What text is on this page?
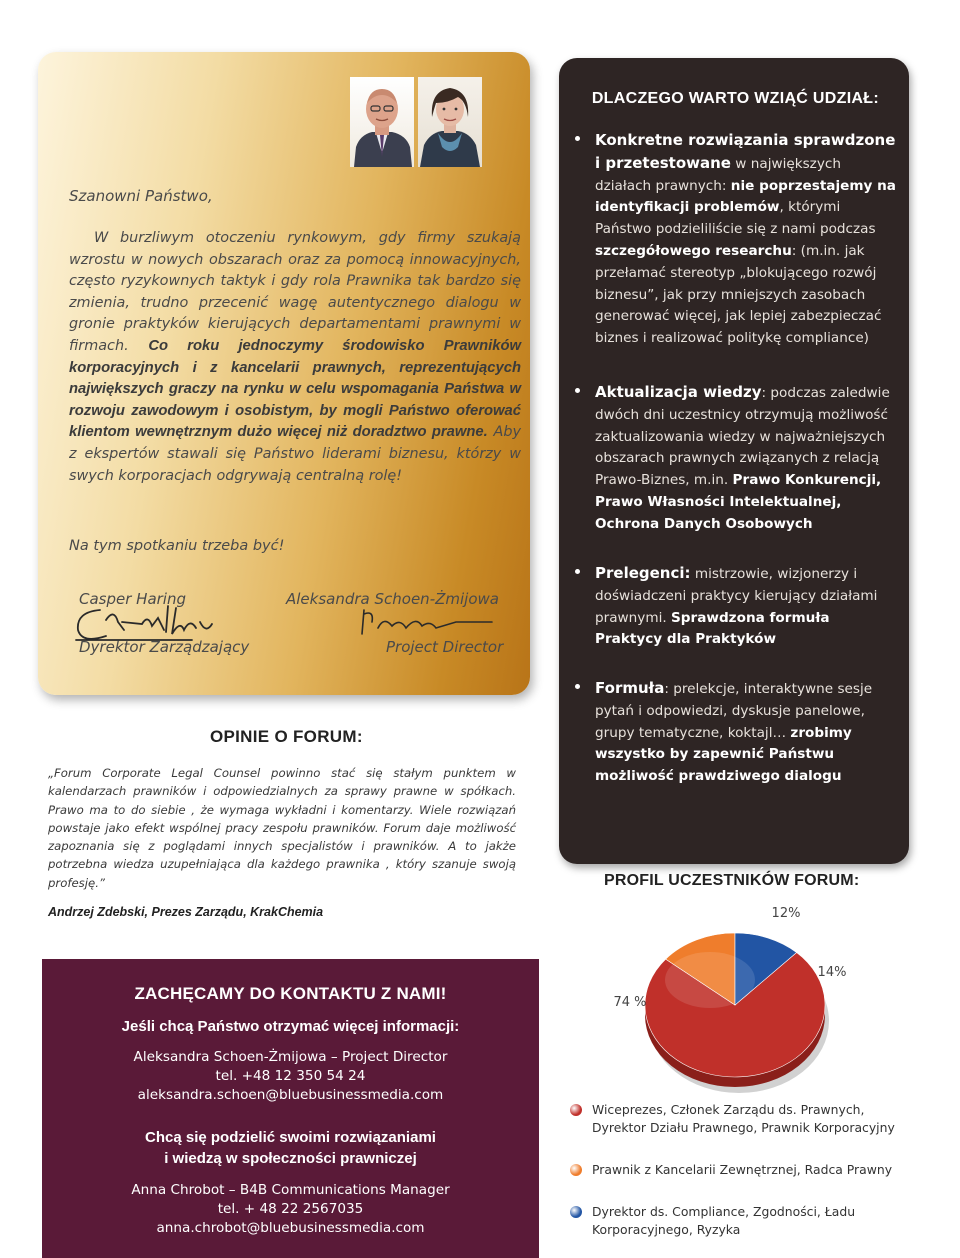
Szanowni Państwo,

W burzliwym otoczeniu rynkowym, gdy firmy szukają wzrostu w nowych obszarach oraz za pomocą innowacyjnych, często ryzykownych taktyk i gdy rola Prawnika tak bardzo się zmienia, trudno przecenić wagę autentycznego dialogu w gronie praktyków kierujących departamentami prawnymi w firmach. Co roku jednoczymy środowisko Prawników korporacyjnych i z kancelarii prawnych, reprezentujących największych graczy na rynku w celu wspomagania Państwa w rozwoju zawodowym i osobistym, by mogli Państwo oferować klientom wewnętrznym dużo więcej niż doradztwo prawne. Aby z ekspertów stawali się Państwo liderami biznesu, którzy w swych korporacjach odgrywają centralną rolę!

Na tym spotkaniu trzeba być!
Casper Haring
Dyrektor Zarządzający
Aleksandra Schoen-Żmijowa
Project Director
OPINIE O FORUM:
„Forum Corporate Legal Counsel powinno stać się stałym punktem w kalendarzach prawników i odpowiedzialnych za sprawy prawne w spółkach. Prawo ma to do siebie , że wymaga wykładni i komentarzy. Wiele rozwiązań powstaje jako efekt wspólnej pracy zespołu prawników. Forum daje możliwość zapoznania się z poglądami innych specjalistów i prawników. A to jakże potrzebna wiedza uzupełniająca dla każdego prawnika , który szanuje swoją profesję.”
Andrzej Zdebski, Prezes Zarządu, KrakChemia
ZACHĘCAMY DO KONTAKTU Z NAMI!
Jeśli chcą Państwo otrzymać więcej informacji:
Aleksandra Schoen-Żmijowa – Project Director
tel. +48 12 350 54 24
aleksandra.schoen@bluebusinessmedia.com
Chcą się podzielić swoimi rozwiązaniami
i wiedzą w społeczności prawniczej
Anna Chrobot – B4B Communications Manager
tel. + 48 22 2567035
anna.chrobot@bluebusinessmedia.com
DLACZEGO WARTO WZIĄĆ UDZIAŁ:
Konkretne rozwiązania sprawdzone i przetestowane w największych działach prawnych: nie poprzestajemy na identyfikacji problemów, którymi Państwo podzieliliście się z nami podczas szczegółowego researchu: (m.in. jak przełamać stereotyp „blokującego rozwój biznesu”, jak przy mniejszych zasobach generować więcej, jak lepiej zabezpieczać biznes i realizować politykę compliance)
Aktualizacja wiedzy: podczas zaledwie dwóch dni uczestnicy otrzymują możliwość zaktualizowania wiedzy w najważniejszych obszarach prawnych związanych z relacją Prawo-Biznes, m.in. Prawo Konkurencji, Prawo Własności Intelektualnej, Ochrona Danych Osobowych
Prelegenci: mistrzowie, wizjonerzy i doświadczeni praktycy kierujący działami prawnymi. Sprawdzona formuła Praktycy dla Praktyków
Formuła: prelekcje, interaktywne sesje pytań i odpowiedzi, dyskusje panelowe, grupy tematyczne, koktajl… zrobimy wszystko by zapewnić Państwu możliwość prawdziwego dialogu
PROFIL UCZESTNIKÓW FORUM:
74 %
14%
12%
Wiceprezes, Członek Zarządu ds. Prawnych, Dyrektor Działu Prawnego, Prawnik Korporacyjny
Prawnik z Kancelarii Zewnętrznej, Radca Prawny
Dyrektor ds. Compliance, Zgodności, Ładu Korporacyjnego, Ryzyka
